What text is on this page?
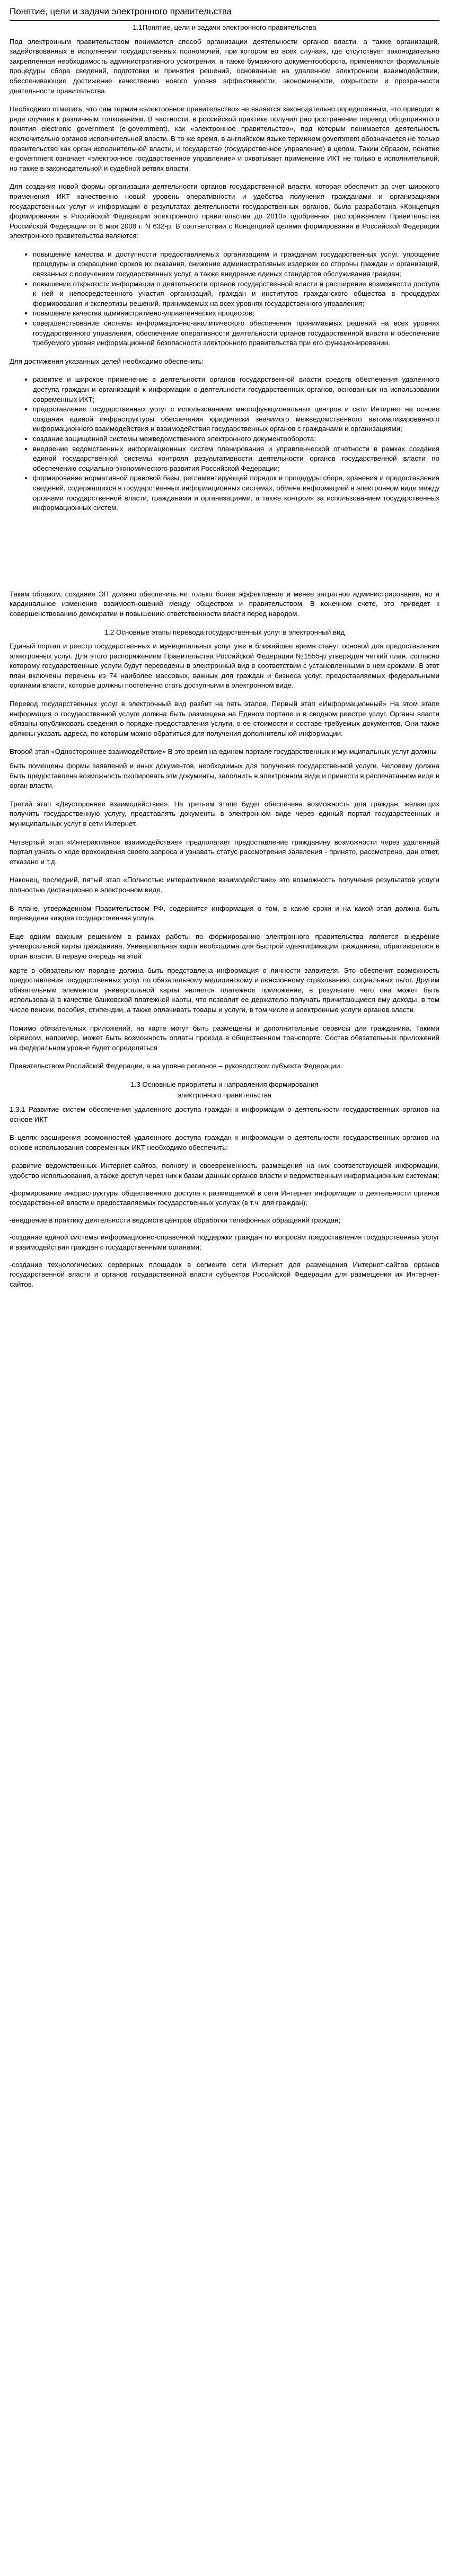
Понятие, цели и задачи электронного правительства
1.1Понятие, цели и задачи электронного правительства

Под электронным правительством понимается способ организации деятельности органов власти, а также организаций, задействованных в исполнении государственных полномочий, при котором во всех случаях, где отсутствует законодательно закрепленная необходимость административного усмотрения, а также бумажного документооборота, применяются формальные процедуры сбора сведений, подготовки и принятия решений, основанные на удаленном электронном взаимодействии, обеспечивающие достижение качественно нового уровня эффективности, экономичности, открытости и прозрачности деятельности правительства.

Необходимо отметить, что сам термин «электронное правительство» не является законодательно определенным, что приводит в ряде случаев к различным толкованиям. В частности, в российской практике получил распространение перевод общепринятого понятия electronic government (e-government), как «электронное правительство», под которым понимается деятельность исключительно органов исполнительной власти. В то же время, в английском языке термином government обозначается не только правительство как орган исполнительной власти, и государство (государственное управление) в целом. Таким образом, понятие e-government означает «электронное государственное управление» и охватывает применение ИКТ не только в исполнительной, но также в законодательной и судебной ветвях власти.

Для создания новой формы организации деятельности органов государственной власти, которая обеспечит за счет широкого применения ИКТ качественно новый уровень оперативности и удобства получения гражданами и организациями государственных услуг и информации о результатах деятельности государственных органов, была разработана «Концепция формирования в Российской Федерации электронного правительства до 2010» одобренная распоряжением Правительства Российской Федерации от 6 мая 2008 г. N 632-р. В соответствии с Концепцией целями формирования в Российской Федерации электронного правительства являются:

• повышение качества и доступности предоставляемых организациям и гражданам государственных услуг, упрощение процедуры и сокращение сроков их оказания, снижение административных издержек со стороны граждан и организаций, связанных с получением государственных услуг, а также внедрение единых стандартов обслуживания граждан;
• повышение открытости информации о деятельности органов государственной власти и расширение возможности доступа к ней и непосредственного участия организаций, граждан и институтов гражданского общества в процедурах формирования и экспертизы решений, принимаемых на всех уровнях государственного управления;
• повышение качества административно-управленческих процессов;
• совершенствование системы информационно-аналитического обеспечения принимаемых решений на всех уровнях государственного управления, обеспечение оперативности деятельности органов государственной власти и обеспечение требуемого уровня информационной безопасности электронного правительства при его функционировании.

Для достижения указанных целей необходимо обеспечить:

• развитие и широкое применение в деятельности органов государственной власти средств обеспечения удаленного доступа граждан и организаций к информации о деятельности государственных органов, основанных на использовании современных ИКТ;
• предоставление государственных услуг с использованием многофункциональных центров и сети Интернет на основе создания единой инфраструктуры обеспечения юридически значимого межведомственного автоматизированного информационного взаимодействия и взаимодействия государственных органов с гражданами и организациями;
• создание защищенной системы межведомственного электронного документооборота;
• внедрение ведомственных информационных систем планирования и управленческой отчетности в рамках создания единой государственной системы контроля результативности деятельности органов государственной власти по обеспечению социально-экономического развития Российской Федерации;
• формирование нормативной правовой базы, регламентирующей порядок и процедуры сбора, хранения и предоставления сведений, содержащихся в государственных информационных системах, обмена информацией в электронном виде между органами государственной власти, гражданами и организациями, а также контроля за использованием государственных информационных систем.

Таким образом, создание ЭП должно обеспечить не только более эффективное и менее затратное администрирование, но и кардинальное изменение взаимоотношений между обществом и правительством. В конечном счете, это приведет к совершенствованию демократии и повышению ответственности власти перед народом.

1.2 Основные этапы перевода государственных услуг в электронный вид

Единый портал и реестр государственных и муниципальных услуг уже в ближайшее время станут основой для предоставления электронных услуг. Для этого распоряжением Правительства Российской Федерации №1555-р утвержден четкий план, согласно которому государственные услуги будут переведены в электронный вид в соответствии с установленными в нем сроками. В этот план включены перечень из 74 наиболее массовых, важных для граждан и бизнеса услуг, предоставляемых федеральными органами власти, которые должны постепенно стать доступными в электронном виде.

Перевод государственных услуг в электронный вид разбит на пять этапов. Первый этап «Информационный» На этом этапе информация о государственной услуге должна быть размещена на Едином портале и в сводном реестре услуг. Органы власти обязаны опубликовать сведения о порядке предоставления услуги, о ее стоимости и составе требуемых документов. Они также должны указать адреса, по которым можно обратиться для получения дополнительной информации.

Второй этап «Одностороннее взаимодействие» В это время на едином портале государственных и муниципальных услуг должны

быть помещены формы заявлений и иных документов, необходимых для получения государственной услуги. Человеку должна быть предоставлена возможность скопировать эти документы, заполнить в электронном виде и принести в распечатанном виде в орган власти.

Третий этап «Двустороннее взаимодействие». На третьем этапе будет обеспечена возможность для граждан, желающих получить государственную услугу, представлять документы в электронном виде через единый портал государственных и муниципальных услуг в сети Интернет.

Четвертый этап «Интерактивное взаимодействие» предполагает предоставление гражданину возможности через удаленный портал узнать о ходе прохождения своего запроса и узнавать статус рассмотрения заявления - принято, рассмотрено, дан ответ, отказано и т.д.

Наконец, последний, пятый этап «Полностью интерактивное взаимодействие» это возможность получения результатов услуги полностью дистанционно в электронном виде.

В плане, утвержденном Правительством РФ, содержится информация о том, в какие сроки и на какой этап должна быть переведена каждая государственная услуга.

Еще одним важным решением в рамках работы по формированию электронного правительства является внедрение универсальной карты гражданина. Универсальная карта необходима для быстрой идентификации гражданина, обратившегося в орган власти. В первую очередь на этой

карте в обязательном порядке должна быть представлена информация о личности заявителя. Это обеспечит возможность предоставления государственных услуг по обязательному медицинскому и пенсионному страхованию, социальных льгот. Другим обязательным элементом универсальной карты является платежное приложение, в результате чего она может быть использована в качестве банковской платежной карты, что позволит ее держателю получать причитающиеся ему доходы, в том числе пенсии, пособия, стипендии, а также оплачивать товары и услуги, в том числе и электронные услуги органов власти.

Помимо обязательных приложений, на карте могут быть размещены и дополнительные сервисы для гражданина. Такими сервисом, например, может быть возможность оплаты проезда в общественном транспорте. Состав обязательных приложений на федеральном уровне будет определяться

Правительством Российской Федерации, а на уровне регионов – руководством субъекта Федерации.

1.3 Основные приоритеты и направления формирования
электронного правительства

1.3.1 Развитие систем обеспечения удаленного доступа граждан к информации о деятельности государственных органов на основе ИКТ

В целях расширения возможностей удаленного доступа граждан к информации о деятельности государственных органов на основе использования современных ИКТ необходимо обеспечить:

-развитие ведомственных Интернет-сайтов, полноту и своевременность размещения на них соответствующей информации, удобство использования, а также доступ через них к базам данных органов власти и ведомственным информационным системам;

-формирование инфраструктуры общественного доступа к размещаемой в сети Интернет информации о деятельности органов государственной власти и предоставляемых государственных услугах (в т.ч. для граждан);

-внедрение в практику деятельности ведомств центров обработки телефонных обращений граждан;

-создание единой системы информационно-справочной поддержки граждан по вопросам предоставления государственных услуг и взаимодействия граждан с государственными органами;

-создание технологических серверных площадок в сегменте сети Интернет для размещения Интернет-сайтов органов государственной власти и органов государственной власти субъектов Российской Федерации для размещения их Интернет-сайтов.
